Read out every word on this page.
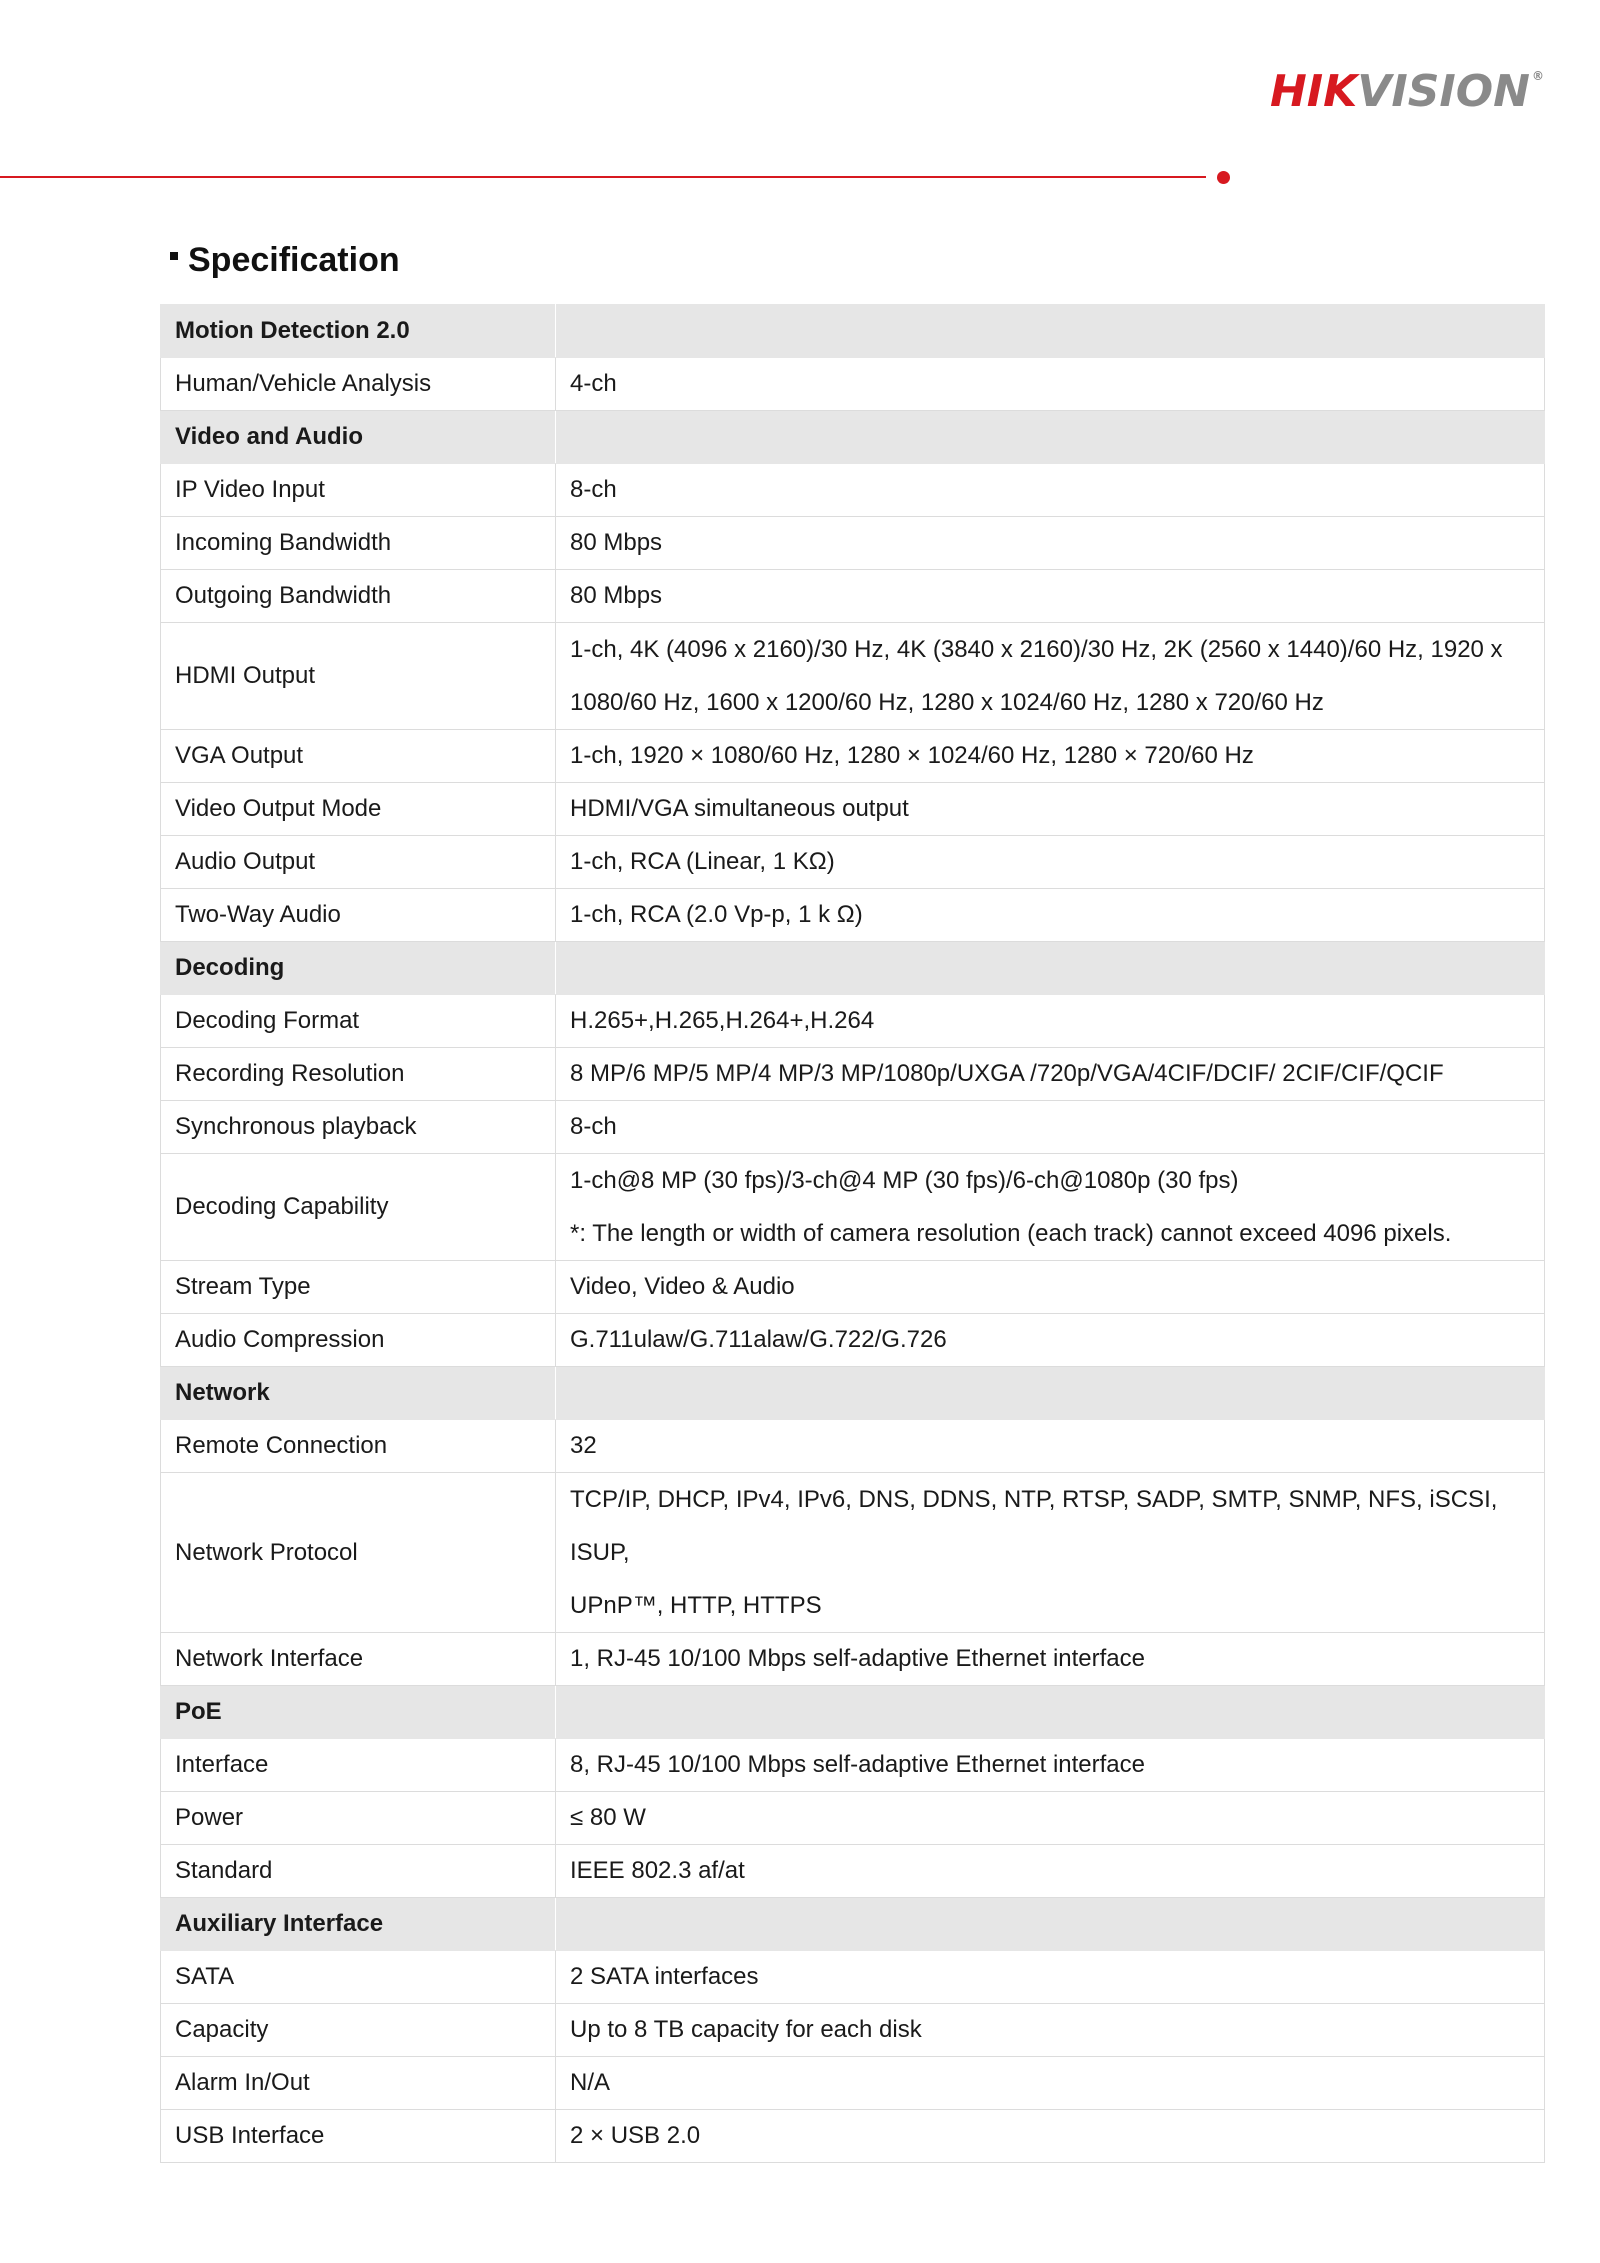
HIKVISION ®
Specification
Motion Detection 2.0	
Human/Vehicle Analysis	4-ch

Video and Audio	
IP Video Input	8-ch

Incoming Bandwidth	80 Mbps

Outgoing Bandwidth	80 Mbps

HDMI Output	1-ch, 4K (4096 x 2160)/30 Hz, 4K (3840 x 2160)/30 Hz, 2K (2560 x 1440)/60 Hz, 1920 x
1080/60 Hz, 1600 x 1200/60 Hz, 1280 x 1024/60 Hz, 1280 x 720/60 Hz

VGA Output	1-ch, 1920 × 1080/60 Hz, 1280 × 1024/60 Hz, 1280 × 720/60 Hz

Video Output Mode	HDMI/VGA simultaneous output

Audio Output	1-ch, RCA (Linear, 1 KΩ)

Two-Way Audio	1-ch, RCA (2.0 Vp-p, 1 k Ω)

Decoding	
Decoding Format	H.265+,H.265,H.264+,H.264

Recording Resolution	8 MP/6 MP/5 MP/4 MP/3 MP/1080p/UXGA /720p/VGA/4CIF/DCIF/ 2CIF/CIF/QCIF

Synchronous playback	8-ch

Decoding Capability	1-ch@8 MP (30 fps)/3-ch@4 MP (30 fps)/6-ch@1080p (30 fps)
*: The length or width of camera resolution (each track) cannot exceed 4096 pixels.

Stream Type	Video, Video & Audio

Audio Compression	G.711ulaw/G.711alaw/G.722/G.726

Network	
Remote Connection	32

Network Protocol	TCP/IP, DHCP, IPv4, IPv6, DNS, DDNS, NTP, RTSP, SADP, SMTP, SNMP, NFS, iSCSI, ISUP,
UPnP™, HTTP, HTTPS

Network Interface	1, RJ-45 10/100 Mbps self-adaptive Ethernet interface

PoE	
Interface	8, RJ-45 10/100 Mbps self-adaptive Ethernet interface

Power	≤ 80 W

Standard	IEEE 802.3 af/at

Auxiliary Interface	
SATA	2 SATA interfaces

Capacity	Up to 8 TB capacity for each disk

Alarm In/Out	N/A

USB Interface	2 × USB 2.0
